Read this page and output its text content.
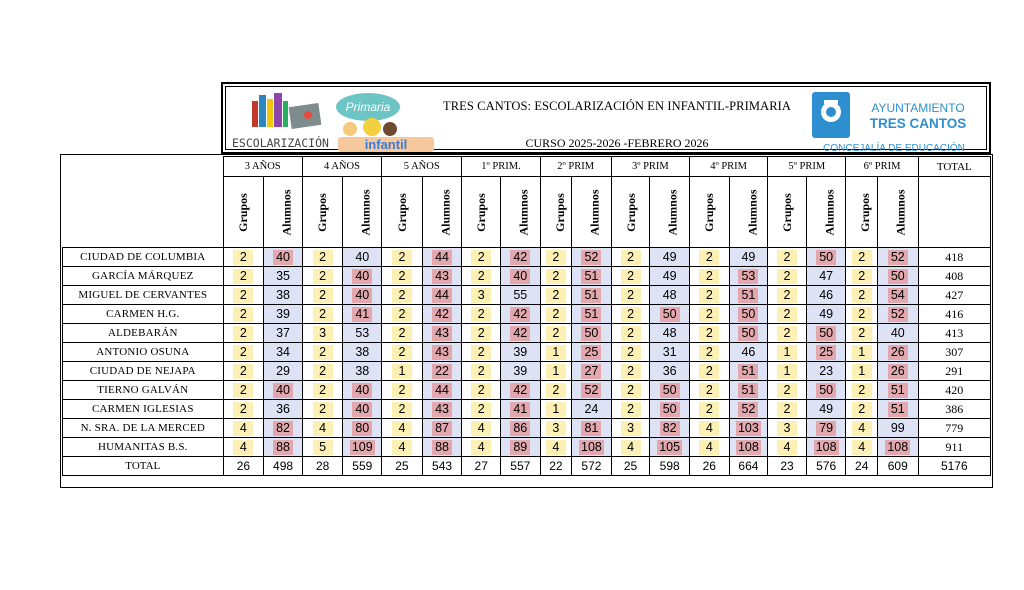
Primaria
ESCOLARIZACIÓN	infantil
TRES CANTOS: ESCOLARIZACIÓN EN INFANTIL-PRIMARIA
CURSO 2025-2026 -FEBRERO 2026
AYUNTAMIENTO
TRES CANTOS
CONCEJALÍA DE EDUCACIÓN
	3 AÑOS		4 AÑOS		5 AÑOS		1º PRIM.		2º PRIM		3º PRIM		4º PRIM		5º PRIM		6º PRIM		TOTAL
	Grupos	Alumnos	Grupos	Alumnos	Grupos	Alumnos	Grupos	Alumnos	Grupos	Alumnos	Grupos	Alumnos	Grupos	Alumnos	Grupos	Alumnos	Grupos	Alumnos	
CIUDAD DE COLUMBIA	2	40	2	40	2	44	2	42	2	52	2	49	2	49	2	50	2	52	418
GARCÍA MÁRQUEZ	2	35	2	40	2	43	2	40	2	51	2	49	2	53	2	47	2	50	408
MIGUEL DE CERVANTES	2	38	2	40	2	44	3	55	2	51	2	48	2	51	2	46	2	54	427
CARMEN H.G.	2	39	2	41	2	42	2	42	2	51	2	50	2	50	2	49	2	52	416
ALDEBARÁN	2	37	3	53	2	43	2	42	2	50	2	48	2	50	2	50	2	40	413
ANTONIO OSUNA	2	34	2	38	2	43	2	39	1	25	2	31	2	46	1	25	1	26	307
CIUDAD DE NEJAPA	2	29	2	38	1	22	2	39	1	27	2	36	2	51	1	23	1	26	291
TIERNO GALVÁN	2	40	2	40	2	44	2	42	2	52	2	50	2	51	2	50	2	51	420
CARMEN IGLESIAS	2	36	2	40	2	43	2	41	1	24	2	50	2	52	2	49	2	51	386
N. SRA. DE LA MERCED	4	82	4	80	4	87	4	86	3	81	3	82	4	103	3	79	4	99	779
HUMANITAS B.S.	4	88	5	109	4	88	4	89	4	108	4	105	4	108	4	108	4	108	911
TOTAL	26	498	28	559	25	543	27	557	22	572	25	598	26	664	23	576	24	609	5176
